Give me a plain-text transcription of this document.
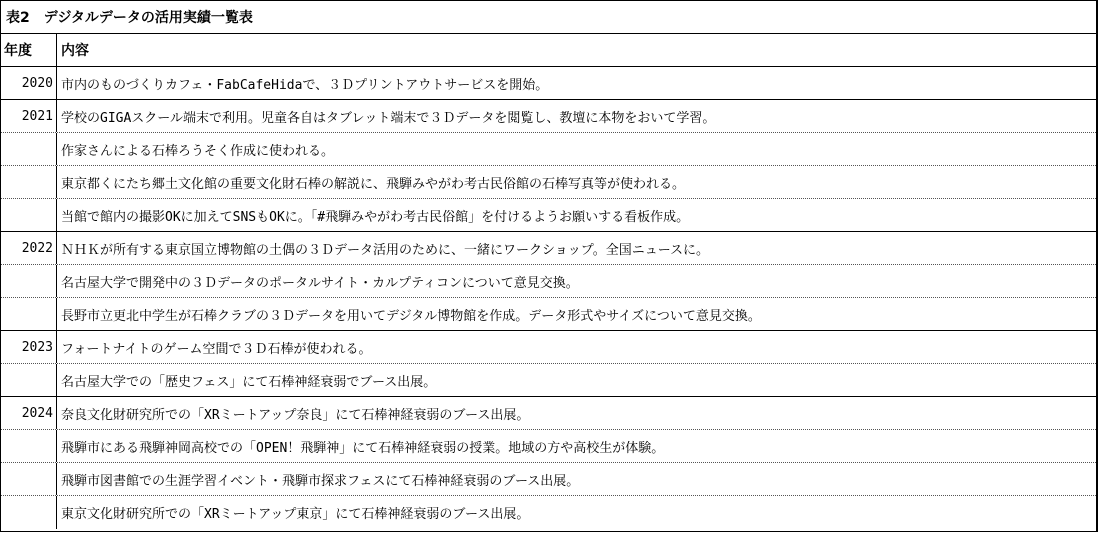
表2　デジタルデータの活用実績一覧表
年度	内容
2020 市内のものづくりカフェ・FabCafeHidaで、３Ｄプリントアウトサービスを開始。
2021 学校のGIGAスクール端末で利用。児童各自はタブレット端末で３Ｄデータを閲覧し、教壇に本物をおいて学習。
作家さんによる石棒ろうそく作成に使われる。
東京都くにたち郷土文化館の重要文化財石棒の解説に、飛騨みやがわ考古民俗館の石棒写真等が使われる。
当館で館内の撮影OKに加えてSNSもOKに。「#飛騨みやがわ考古民俗館」を付けるようお願いする看板作成。
2022 ＮＨＫが所有する東京国立博物館の土偶の３Ｄデータ活用のために、一緒にワークショップ。全国ニュースに。
名古屋大学で開発中の３Ｄデータのポータルサイト・カルプティコンについて意見交換。
長野市立更北中学生が石棒クラブの３Ｄデータを用いてデジタル博物館を作成。データ形式やサイズについて意見交換。
2023 フォートナイトのゲーム空間で３Ｄ石棒が使われる。
名古屋大学での「歴史フェス」にて石棒神経衰弱でブース出展。
2024 奈良文化財研究所での「XRミートアップ奈良」にて石棒神経衰弱のブース出展。
飛騨市にある飛騨神岡高校での「OPEN！飛騨神」にて石棒神経衰弱の授業。地域の方や高校生が体験。
飛騨市図書館での生涯学習イベント・飛騨市探求フェスにて石棒神経衰弱のブース出展。
東京文化財研究所での「XRミートアップ東京」にて石棒神経衰弱のブース出展。
